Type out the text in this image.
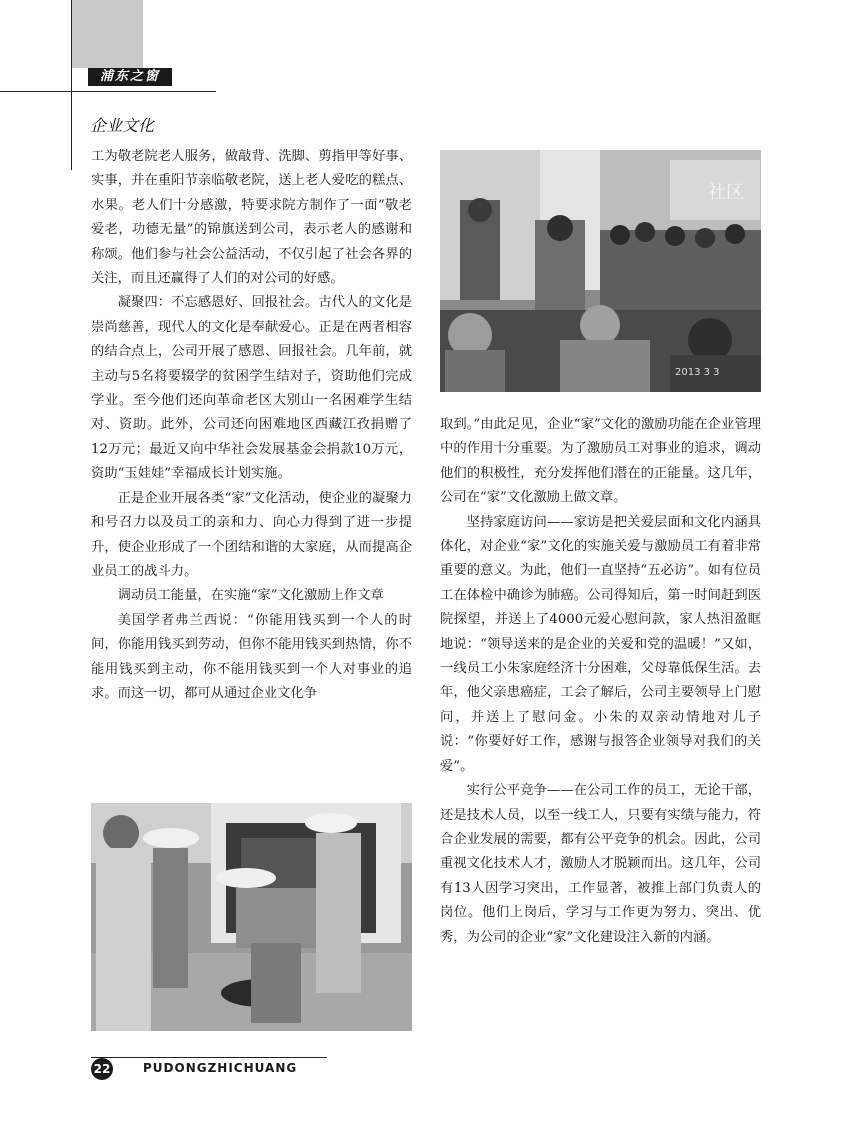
浦东之窗
企业文化

工为敬老院老人服务，做敲背、洗脚、剪指甲等好事、实事，并在重阳节亲临敬老院，送上老人爱吃的糕点、水果。老人们十分感激，特要求院方制作了一面“敬老爱老，功德无量”的锦旗送到公司，表示老人的感谢和称颂。他们参与社会公益活动，不仅引起了社会各界的关注，而且还赢得了人们的对公司的好感。

凝聚四：不忘感恩好、回报社会。古代人的文化是崇尚慈善，现代人的文化是奉献爱心。正是在两者相容的结合点上，公司开展了感恩、回报社会。几年前，就主动与5名将要辍学的贫困学生结对子，资助他们完成学业。至今他们还向革命老区大别山一名困难学生结对、资助。此外，公司还向困难地区西藏江孜捐赠了12万元；最近又向中华社会发展基金会捐款10万元，资助“玉娃娃”幸福成长计划实施。

正是企业开展各类“家”文化活动，使企业的凝聚力和号召力以及员工的亲和力、向心力得到了进一步提升，使企业形成了一个团结和谐的大家庭，从而提高企业员工的战斗力。

调动员工能量，在实施“家”文化激励上作文章

美国学者弗兰西说：“你能用钱买到一个人的时间，你能用钱买到劳动，但你不能用钱买到热情，你不能用钱买到主动，你不能用钱买到一个人对事业的追求。而这一切，都可从通过企业文化争

社区
2013 3 3

取到。”由此足见，企业“家”文化的激励功能在企业管理中的作用十分重要。为了激励员工对事业的追求，调动他们的积极性，充分发挥他们潜在的正能量。这几年，公司在“家”文化激励上做文章。

坚持家庭访问——家访是把关爱层面和文化内涵具体化，对企业“家”文化的实施关爱与激励员工有着非常重要的意义。为此，他们一直坚持“五必访”。如有位员工在体检中确诊为肺癌。公司得知后，第一时间赶到医院探望，并送上了4000元爱心慰问款，家人热泪盈眶地说：“领导送来的是企业的关爱和党的温暖！”又如，一线员工小朱家庭经济十分困难，父母靠低保生活。去年，他父亲患癌症，工会了解后，公司主要领导上门慰问，并送上了慰问金。小朱的双亲动情地对儿子说：“你要好好工作，感谢与报答企业领导对我们的关爱”。

实行公平竞争——在公司工作的员工，无论干部，还是技术人员，以至一线工人，只要有实绩与能力，符合企业发展的需要，都有公平竞争的机会。因此，公司重视文化技术人才，激励人才脱颖而出。这几年，公司有13人因学习突出，工作显著，被推上部门负责人的岗位。他们上岗后，学习与工作更为努力、突出、优秀，为公司的企业“家”文化建设注入新的内涵。

22	PUDONGZHICHUANG
